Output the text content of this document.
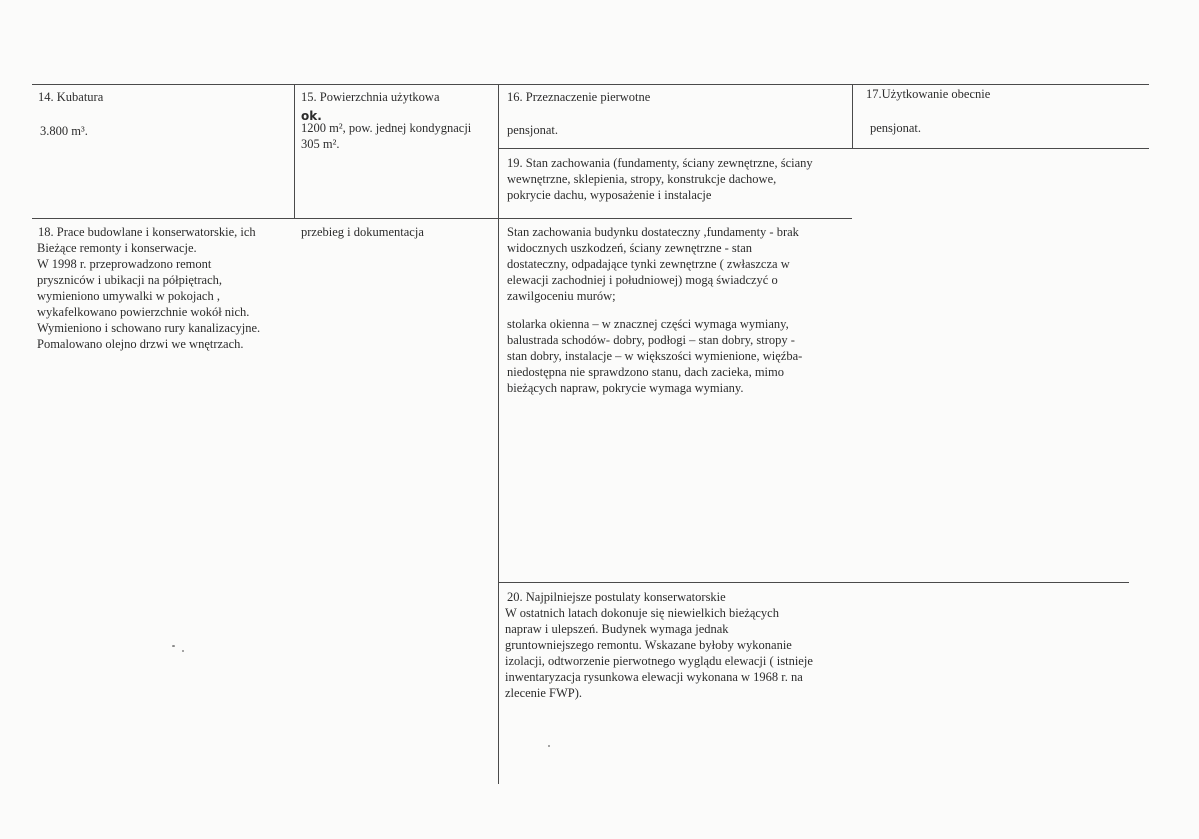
14. Kubatura

3.800 m³.

15. Powierzchnia użytkowa

ok.

1200 m², pow. jednej kondygnacji
305 m².

16. Przeznaczenie pierwotne

pensjonat.

17.Użytkowanie obecnie

pensjonat.

19. Stan zachowania (fundamenty, ściany zewnętrzne, ściany
wewnętrzne, sklepienia, stropy, konstrukcje dachowe,
pokrycie dachu, wyposażenie i instalacje

Stan zachowania budynku dostateczny ,fundamenty - brak
widocznych uszkodzeń, ściany zewnętrzne - stan
dostateczny, odpadające tynki zewnętrzne ( zwłaszcza w
elewacji zachodniej i południowej) mogą świadczyć o
zawilgoceniu murów;

stolarka okienna – w znacznej części wymaga wymiany,
balustrada schodów- dobry, podłogi – stan dobry, stropy -
stan dobry, instalacje – w większości wymienione, więźba-
niedostępna nie sprawdzono stanu, dach zacieka, mimo
bieżących napraw, pokrycie wymaga wymiany.

18. Prace budowlane i konserwatorskie, ich	przebieg i dokumentacja

Bieżące remonty i konserwacje.
W 1998 r. przeprowadzono remont
pryszniców i ubikacji na półpiętrach,
wymieniono umywalki w pokojach ,
wykafelkowano powierzchnie wokół nich.
Wymieniono i schowano rury kanalizacyjne.
Pomalowano olejno drzwi we wnętrzach.

20. Najpilniejsze postulaty konserwatorskie

W ostatnich latach dokonuje się niewielkich bieżących
napraw i ulepszeń. Budynek wymaga jednak
gruntowniejszego remontu. Wskazane byłoby wykonanie
izolacji, odtworzenie pierwotnego wyglądu elewacji ( istnieje
inwentaryzacja rysunkowa elewacji wykonana w 1968 r. na
zlecenie FWP).
